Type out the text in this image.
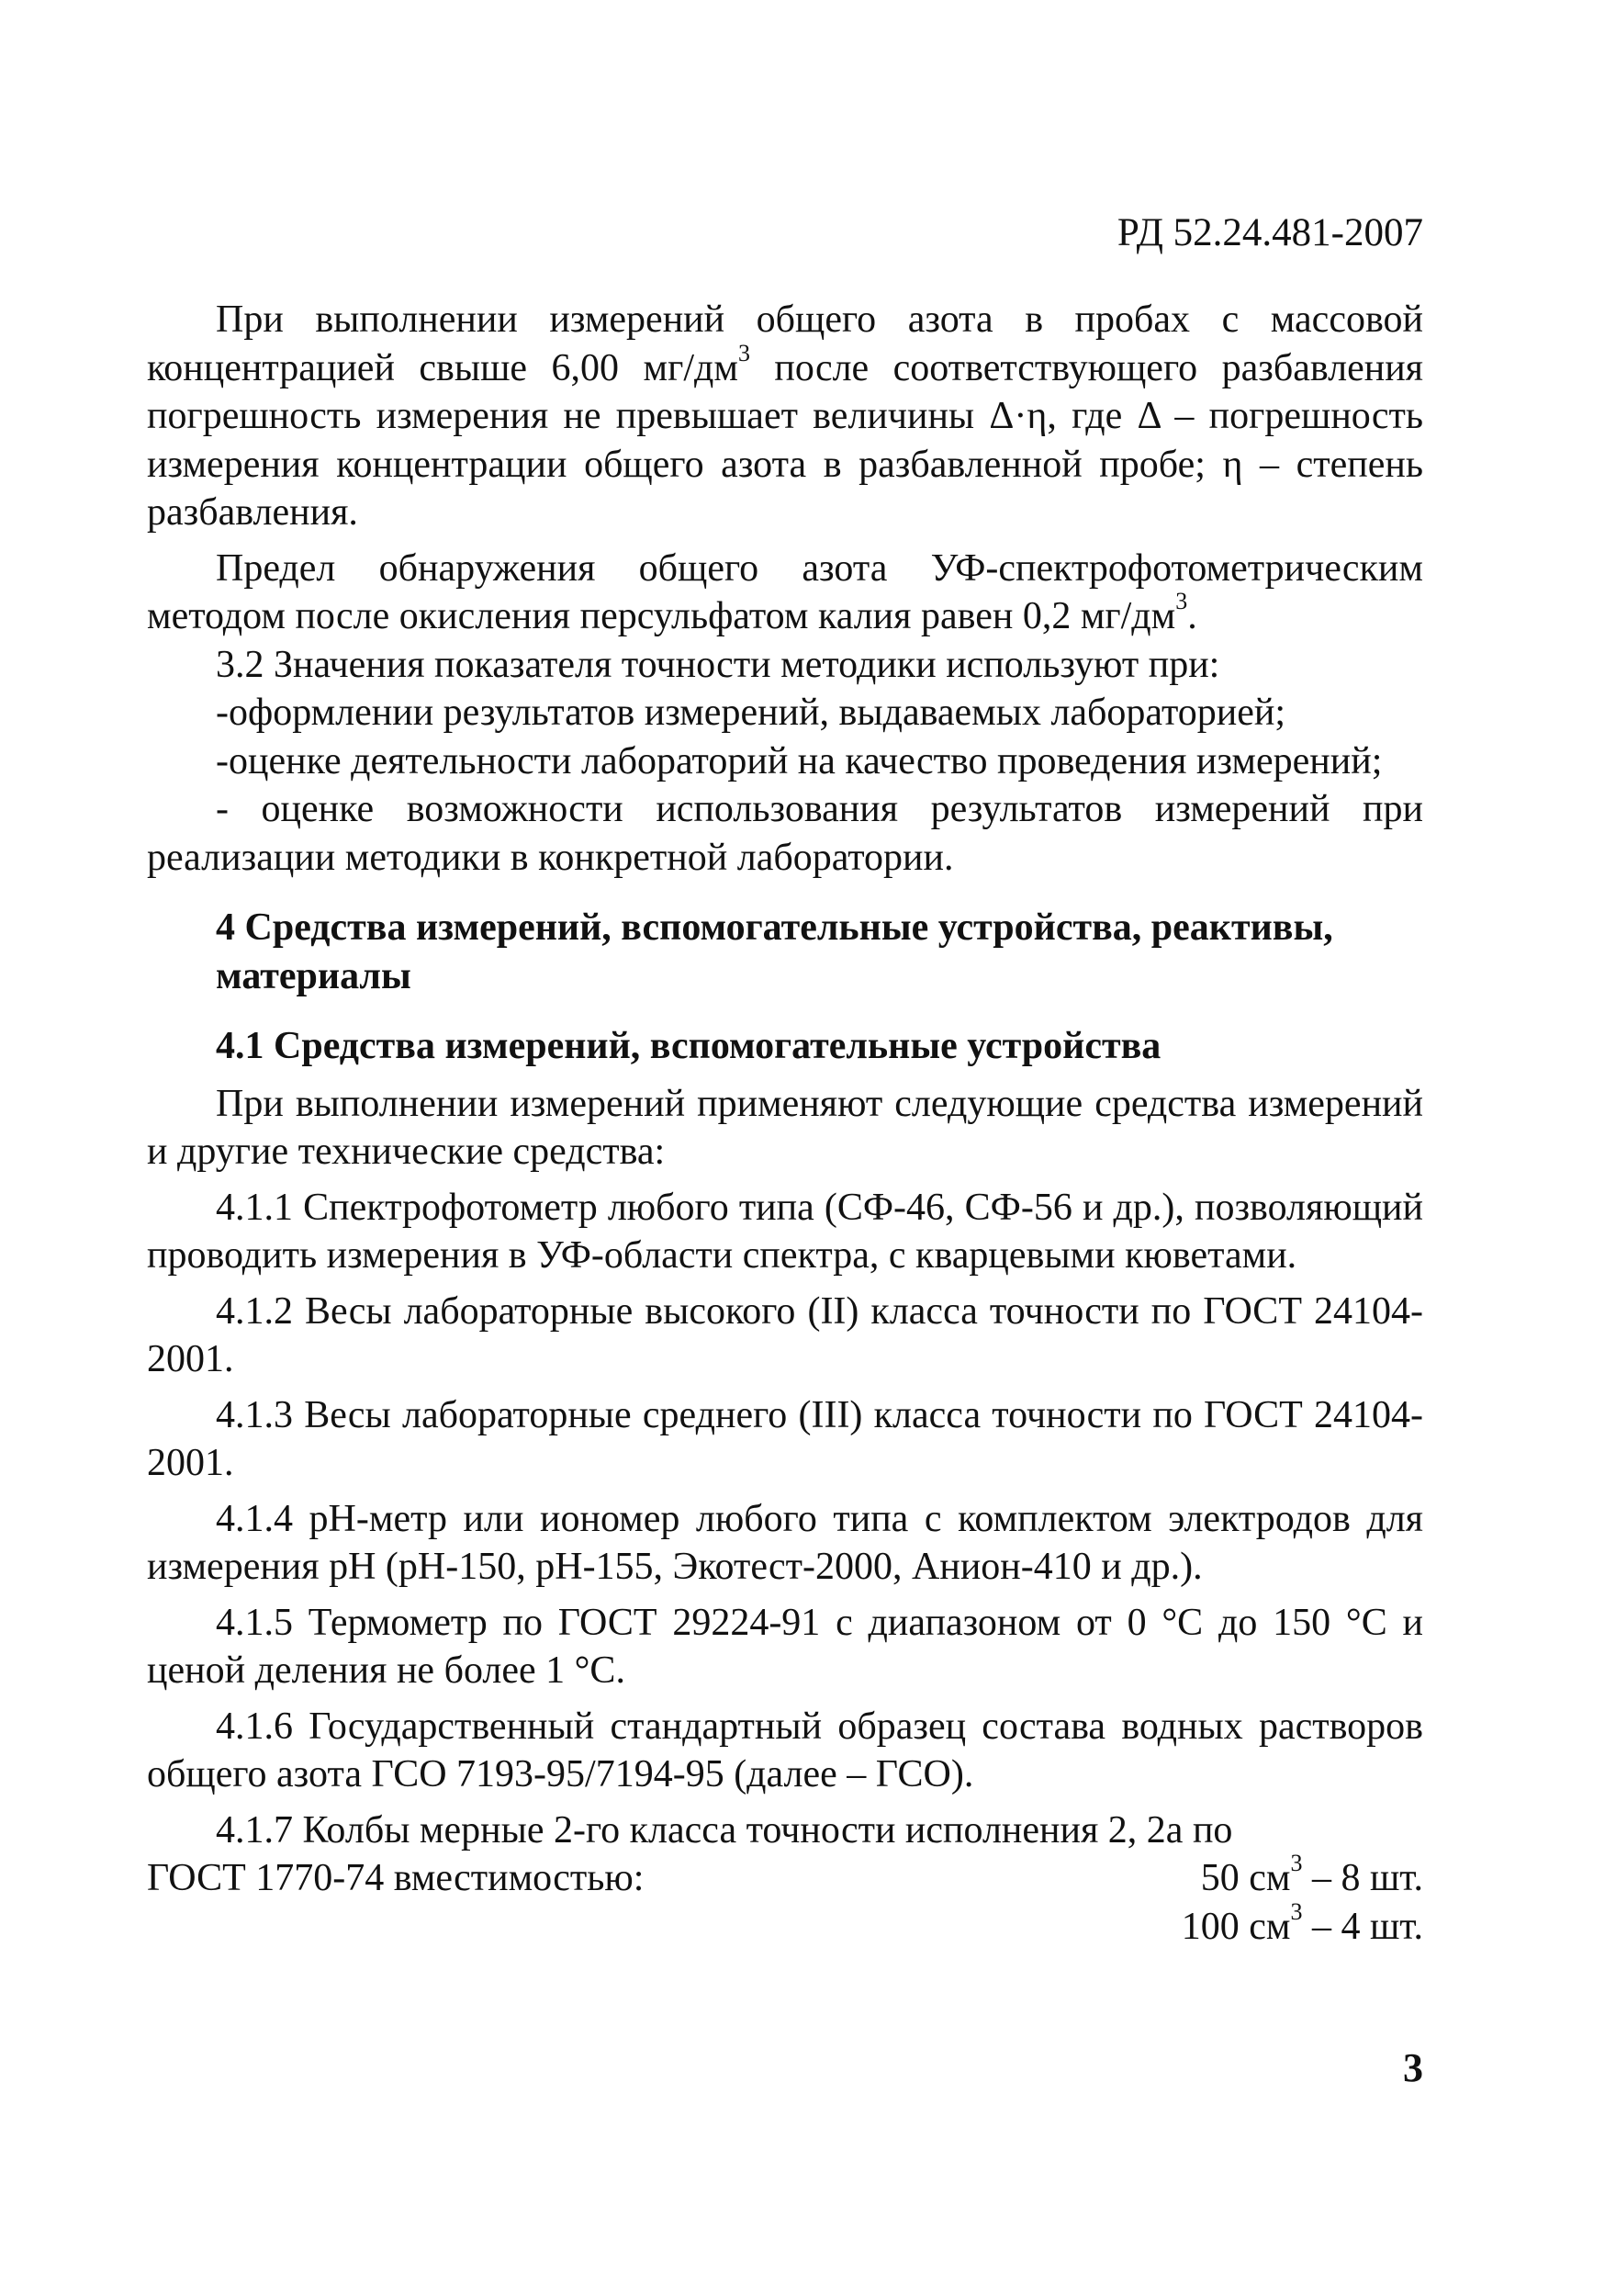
РД 52.24.481-2007

При выполнении измерений общего азота в пробах с массовой концентрацией свыше 6,00 $мг/дм^3$ после соответствующего разбавления погрешность измерения не превышает величины Δ·η, где Δ – погрешность измерения концентрации общего азота в разбавленной пробе; η – степень разбавления.

Предел обнаружения общего азота УФ-спектрофотометрическим методом после окисления персульфатом калия равен 0,2 $мг/дм^3$.

3.2 Значения показателя точности методики используют при:

-оформлении результатов измерений, выдаваемых лабораторией;

-оценке деятельности лабораторий на качество проведения измерений;

- оценке возможности использования результатов измерений при реализации методики в конкретной лаборатории.

4 Средства измерений, вспомогательные устройства, реактивы, материалы
4.1 Средства измерений, вспомогательные устройства

При выполнении измерений применяют следующие средства измерений и другие технические средства:

4.1.1 Спектрофотометр любого типа (СФ-46, СФ-56 и др.), позволяющий проводить измерения в УФ-области спектра, с кварцевыми кюветами.

4.1.2 Весы лабораторные высокого (II) класса точности по ГОСТ 24104-2001.

4.1.3 Весы лабораторные среднего (III) класса точности по ГОСТ 24104-2001.

4.1.4 рН-метр или иономер любого типа с комплектом электродов для измерения рН (рН-150, рН-155, Экотест-2000, Анион-410 и др.).

4.1.5 Термометр по ГОСТ 29224-91 с диапазоном от 0 °С до 150 °С и ценой деления не более 1 °С.

4.1.6 Государственный стандартный образец состава водных растворов общего азота ГСО 7193-95/7194-95 (далее – ГСО).

4.1.7 Колбы мерные 2-го класса точности исполнения 2, 2а по

ГОСТ 1770-74 вместимостью:	50 $см^3 - 8$ шт.
100 $см^3 - 4$ шт.

3
